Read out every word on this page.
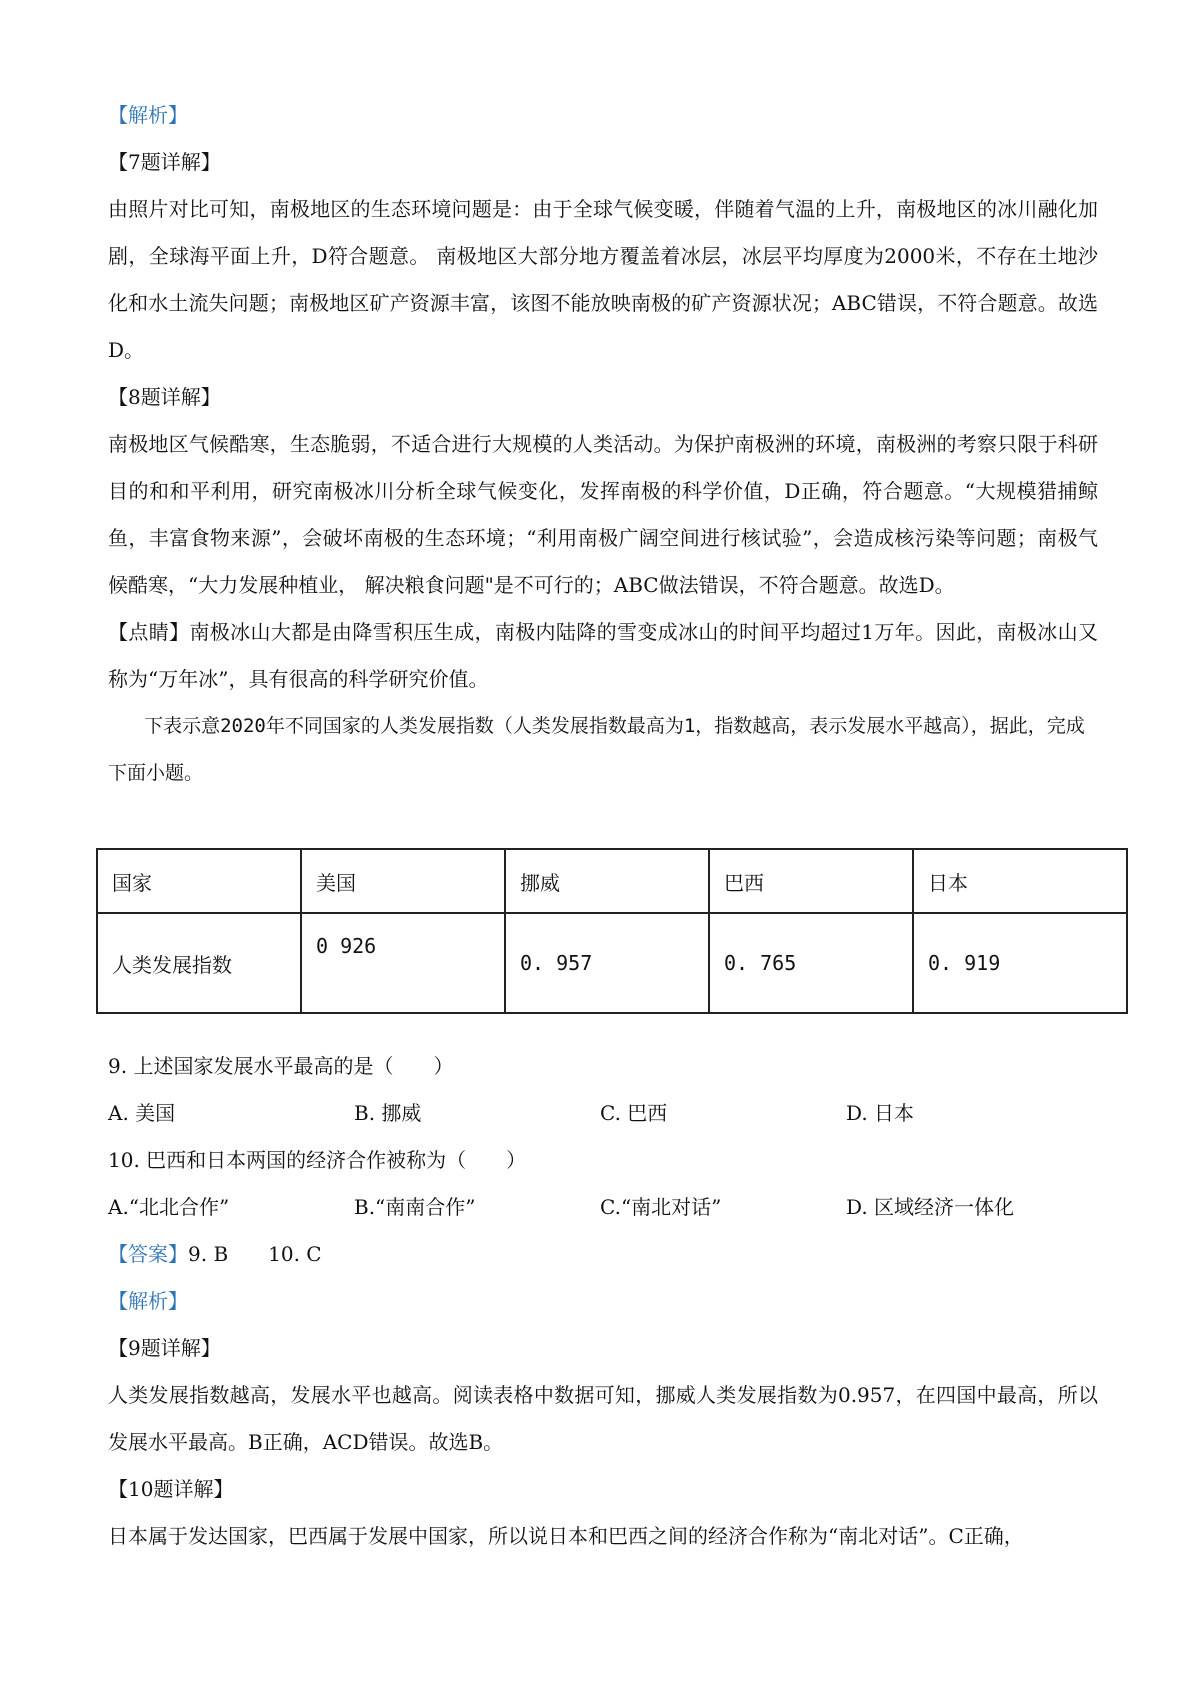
【解析】

【7题详解】

由照片对比可知，南极地区的生态环境问题是：由于全球气候变暖，伴随着气温的上升，南极地区的冰川融化加剧，全球海平面上升，D符合题意。 南极地区大部分地方覆盖着冰层，冰层平均厚度为2000米，不存在土地沙化和水土流失问题；南极地区矿产资源丰富，该图不能放映南极的矿产资源状况；ABC错误，不符合题意。故选D。

【8题详解】

南极地区气候酷寒，生态脆弱，不适合进行大规模的人类活动。为保护南极洲的环境，南极洲的考察只限于科研目的和和平利用，研究南极冰川分析全球气候变化，发挥南极的科学价值，D正确，符合题意。“大规模猎捕鲸鱼，丰富食物来源”，会破坏南极的生态环境；“利用南极广阔空间进行核试验”，会造成核污染等问题；南极气候酷寒，“大力发展种植业， 解决粮食问题"是不可行的；ABC做法错误，不符合题意。故选D。

【点睛】南极冰山大都是由降雪积压生成，南极内陆降的雪变成冰山的时间平均超过1万年。因此，南极冰山又称为“万年冰”，具有很高的科学研究价值。

下表示意2020年不同国家的人类发展指数（人类发展指数最高为1，指数越高，表示发展水平越高），据此，完成下面小题。

国家	美国	挪威	巴西	日本
人类发展指数	0 926	0. 957	0. 765	0. 919

9. 上述国家发展水平最高的是（　　）

A. 美国	B. 挪威	C. 巴西	D. 日本

10. 巴西和日本两国的经济合作被称为（　　）

A.“北北合作”	B.“南南合作”	C.“南北对话”	D. 区域经济一体化

【答案】9. B　　10. C

【解析】

【9题详解】

人类发展指数越高，发展水平也越高。阅读表格中数据可知，挪威人类发展指数为0.957，在四国中最高，所以发展水平最高。B正确，ACD错误。故选B。

【10题详解】

日本属于发达国家，巴西属于发展中国家，所以说日本和巴西之间的经济合作称为“南北对话”。C正确，
